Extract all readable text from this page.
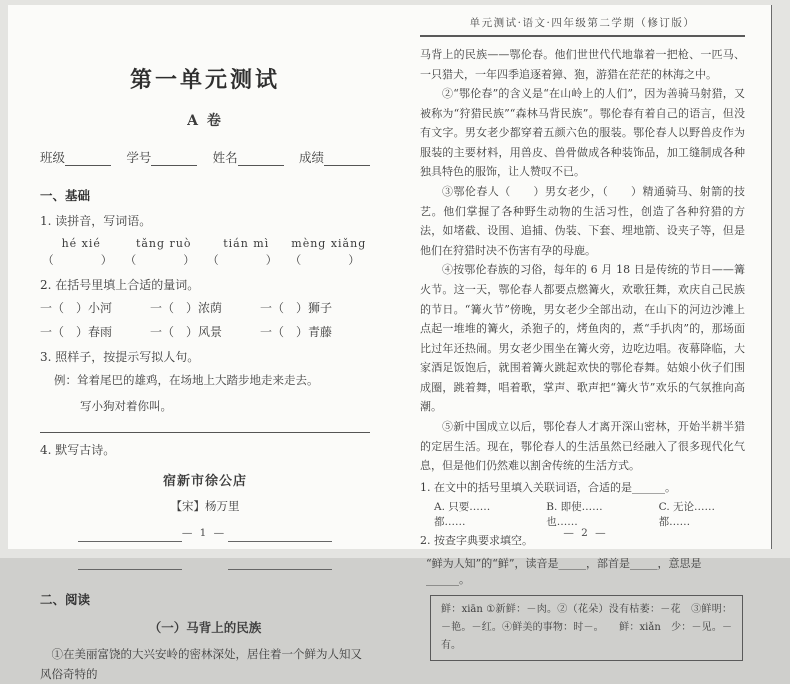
第一单元测试
A 卷
班级	学号	姓名	成绩
一、基础
1. 读拼音，写词语。
hé xié	tǎng ruò	tián mì	mèng xiǎng
（　　） （　　） （　　） （　　）
2. 在括号里填上合适的量词。
一（　）小河	一（　）浓荫	一（　）狮子
一（　）春雨	一（　）风景	一（　）青藤
3. 照样子，按提示写拟人句。
例：耸着尾巴的雄鸡，在场地上大踏步地走来走去。
写小狗对着你叫。
4. 默写古诗。
宿新市徐公店
【宋】杨万里
二、阅读
（一）马背上的民族
①在美丽富饶的大兴安岭的密林深处，居住着一个鲜为人知又风俗奇特的
— 1 —
单元测试·语文·四年级第二学期（修订版）

马背上的民族——鄂伦春。他们世世代代地靠着一把枪、一匹马、一只猎犬，一年四季追逐着獐、狍，游猎在茫茫的林海之中。

②“鄂伦春”的含义是“在山岭上的人们”，因为善骑马射猎，又被称为“狩猎民族”“森林马背民族”。鄂伦春有着自己的语言，但没有文字。男女老少都穿着五颜六色的服装。鄂伦春人以野兽皮作为服装的主要材料，用兽皮、兽骨做成各种装饰品，加工缝制成各种独具特色的服饰，让人赞叹不已。

③鄂伦春人（　　）男女老少，（　　）精通骑马、射箭的技艺。他们掌握了各种野生动物的生活习性，创造了各种狩猎的方法，如堵截、设围、追捕、伪装、下套、埋地箭、设夹子等，但是他们在狩猎时决不伤害有孕的母鹿。

④按鄂伦春族的习俗，每年的 6 月 18 日是传统的节日——篝火节。这一天，鄂伦春人都要点燃篝火，欢歌狂舞，欢庆自己民族的节日。“篝火节”傍晚，男女老少全部出动，在山下的河边沙滩上点起一堆堆的篝火，杀狍子的，烤鱼肉的，煮“手扒肉”的，那场面比过年还热闹。男女老少围坐在篝火旁，边吃边唱。夜幕降临，大家酒足饭饱后，就围着篝火跳起欢快的鄂伦春舞。姑娘小伙子们围成圈，跳着舞，唱着歌，掌声、歌声把“篝火节”欢乐的气氛推向高潮。

⑤新中国成立以后，鄂伦春人才离开深山密林，开始半耕半猎的定居生活。现在，鄂伦春人的生活虽然已经融入了很多现代化气息，但是他们仍然难以割舍传统的生活方式。

1. 在文中的括号里填入关联词语，合适的是______。
A. 只要……都……
B. 即使……也……
C. 无论……都……
2. 按查字典要求填空。
“鲜为人知”的“鲜”，读音是_____，部首是_____，意思是______。
鲜：xiān ①新鲜：－肉。②（花朵）没有枯萎：－花　③鲜明：－艳。－红。④鲜美的事物：时－。　　鲜：xiǎn　少：－见。－有。
— 2 —
